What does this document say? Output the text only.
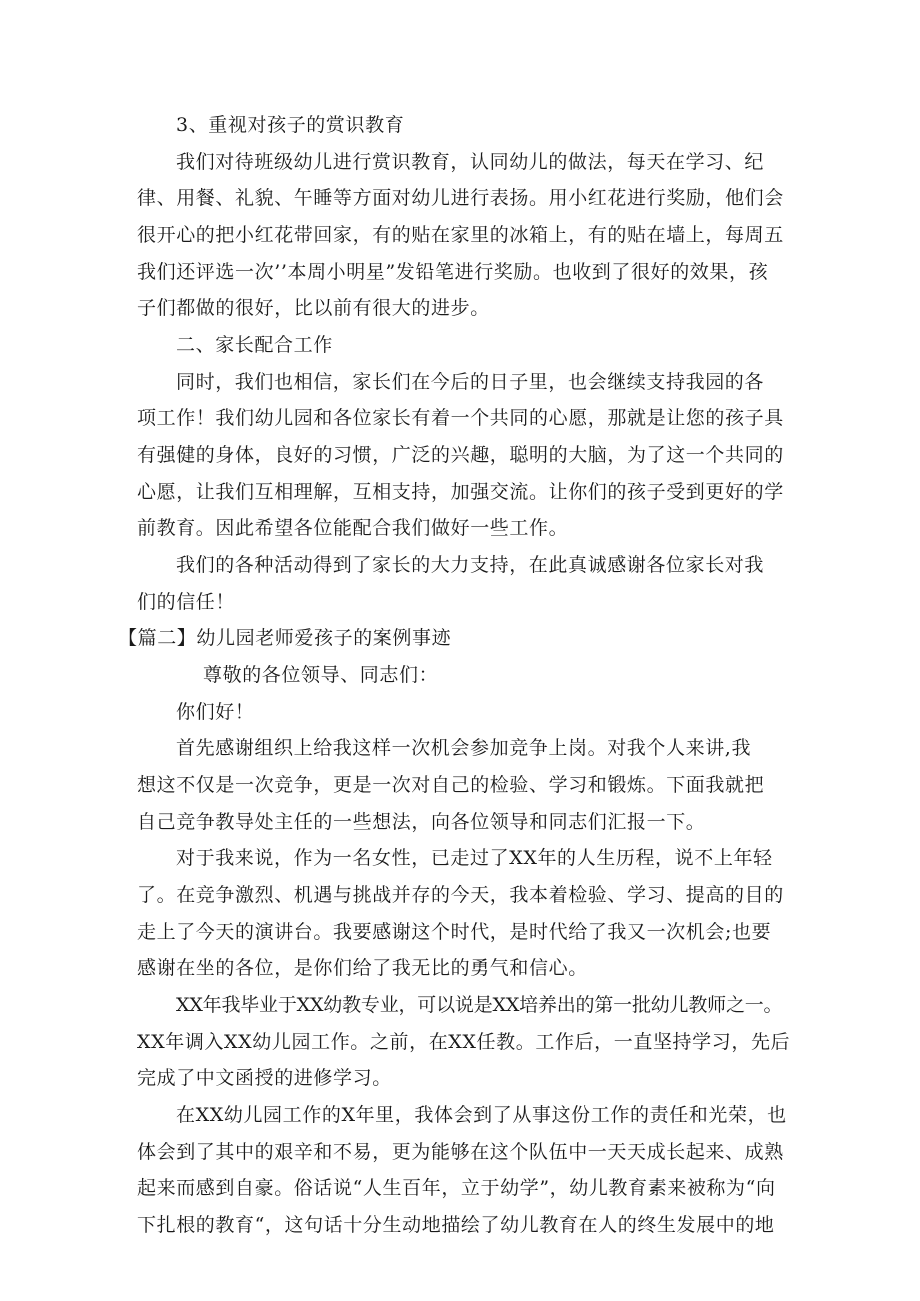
3、重视对孩子的赏识教育
我们对待班级幼儿进行赏识教育，认同幼儿的做法，每天在学习、纪
律、用餐、礼貌、午睡等方面对幼儿进行表扬。用小红花进行奖励，他们会
很开心的把小红花带回家，有的贴在家里的冰箱上，有的贴在墙上，每周五
我们还评选一次’’本周小明星”发铅笔进行奖励。也收到了很好的效果，孩
子们都做的很好，比以前有很大的进步。
二、家长配合工作
同时，我们也相信，家长们在今后的日子里，也会继续支持我园的各
项工作！我们幼儿园和各位家长有着一个共同的心愿，那就是让您的孩子具
有强健的身体，良好的习惯，广泛的兴趣，聪明的大脑，为了这一个共同的
心愿，让我们互相理解，互相支持，加强交流。让你们的孩子受到更好的学
前教育。因此希望各位能配合我们做好一些工作。
我们的各种活动得到了家长的大力支持，在此真诚感谢各位家长对我
们的信任！
【篇二】幼儿园老师爱孩子的案例事迹
尊敬的各位领导、同志们：
你们好！
首先感谢组织上给我这样一次机会参加竞争上岗。对我个人来讲,我
想这不仅是一次竞争，更是一次对自己的检验、学习和锻炼。下面我就把
自己竞争教导处主任的一些想法，向各位领导和同志们汇报一下。
对于我来说，作为一名女性，已走过了XX年的人生历程，说不上年轻
了。在竞争激烈、机遇与挑战并存的今天，我本着检验、学习、提高的目的
走上了今天的演讲台。我要感谢这个时代，是时代给了我又一次机会;也要
感谢在坐的各位，是你们给了我无比的勇气和信心。
XX年我毕业于XX幼教专业，可以说是XX培养出的第一批幼儿教师之一。
XX年调入XX幼儿园工作。之前，在XX任教。工作后，一直坚持学习，先后
完成了中文函授的进修学习。
在XX幼儿园工作的X年里，我体会到了从事这份工作的责任和光荣，也
体会到了其中的艰辛和不易，更为能够在这个队伍中一天天成长起来、成熟
起来而感到自豪。俗话说“人生百年，立于幼学”，幼儿教育素来被称为“向
下扎根的教育“，这句话十分生动地描绘了幼儿教育在人的终生发展中的地
